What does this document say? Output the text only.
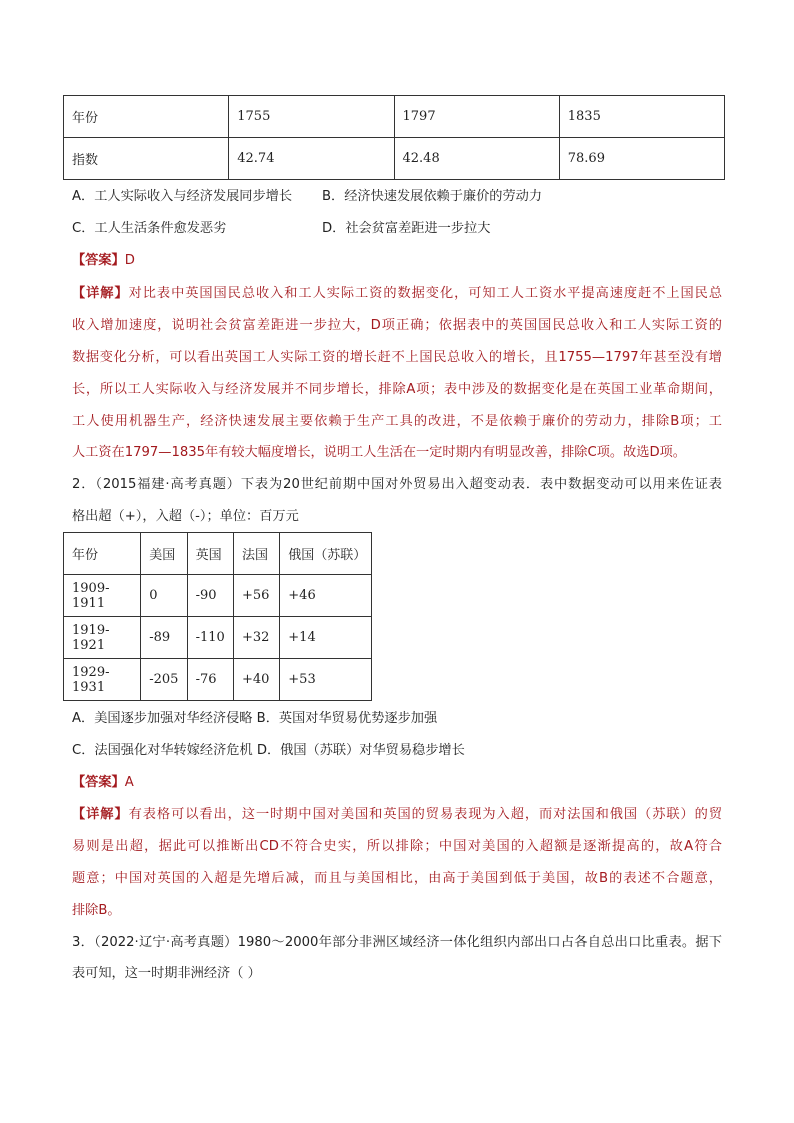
年份	1755	1797	1835
指数	42.74	42.48	78.69
A．工人实际收入与经济发展同步增长 B．经济快速发展依赖于廉价的劳动力
C．工人生活条件愈发恶劣	D．社会贫富差距进一步拉大
【答案】D
【详解】对比表中英国国民总收入和工人实际工资的数据变化，可知工人工资水平提高速度赶不上国民总
收入增加速度，说明社会贫富差距进一步拉大，D项正确；依据表中的英国国民总收入和工人实际工资的
数据变化分析，可以看出英国工人实际工资的增长赶不上国民总收入的增长，且1755—1797年甚至没有增
长，所以工人实际收入与经济发展并不同步增长，排除A项；表中涉及的数据变化是在英国工业革命期间，
工人使用机器生产，经济快速发展主要依赖于生产工具的改进，不是依赖于廉价的劳动力，排除B项；工
人工资在1797—1835年有较大幅度增长，说明工人生活在一定时期内有明显改善，排除C项。故选D项。
2．（2015福建·高考真题）下表为20世纪前期中国对外贸易出入超变动表．表中数据变动可以用来佐证表
格出超（+），入超（-）；单位：百万元
年份	美国	英国	法国	俄国（苏联）
1909-1911	0	-90	+56	+46
1919-1921	-89	-110	+32	+14
1929-1931	-205	-76	+40	+53
A．美国逐步加强对华经济侵略 B．英国对华贸易优势逐步加强
C．法国强化对华转嫁经济危机 D．俄国（苏联）对华贸易稳步增长
【答案】A
【详解】有表格可以看出，这一时期中国对美国和英国的贸易表现为入超，而对法国和俄国（苏联）的贸
易则是出超，据此可以推断出CD不符合史实，所以排除；中国对美国的入超额是逐渐提高的，故A符合
题意；中国对英国的入超是先增后减，而且与美国相比，由高于美国到低于美国，故B的表述不合题意，
排除B。
3．（2022·辽宁·高考真题）1980～2000年部分非洲区域经济一体化组织内部出口占各自总出口比重表。据下
表可知，这一时期非洲经济（ ）
